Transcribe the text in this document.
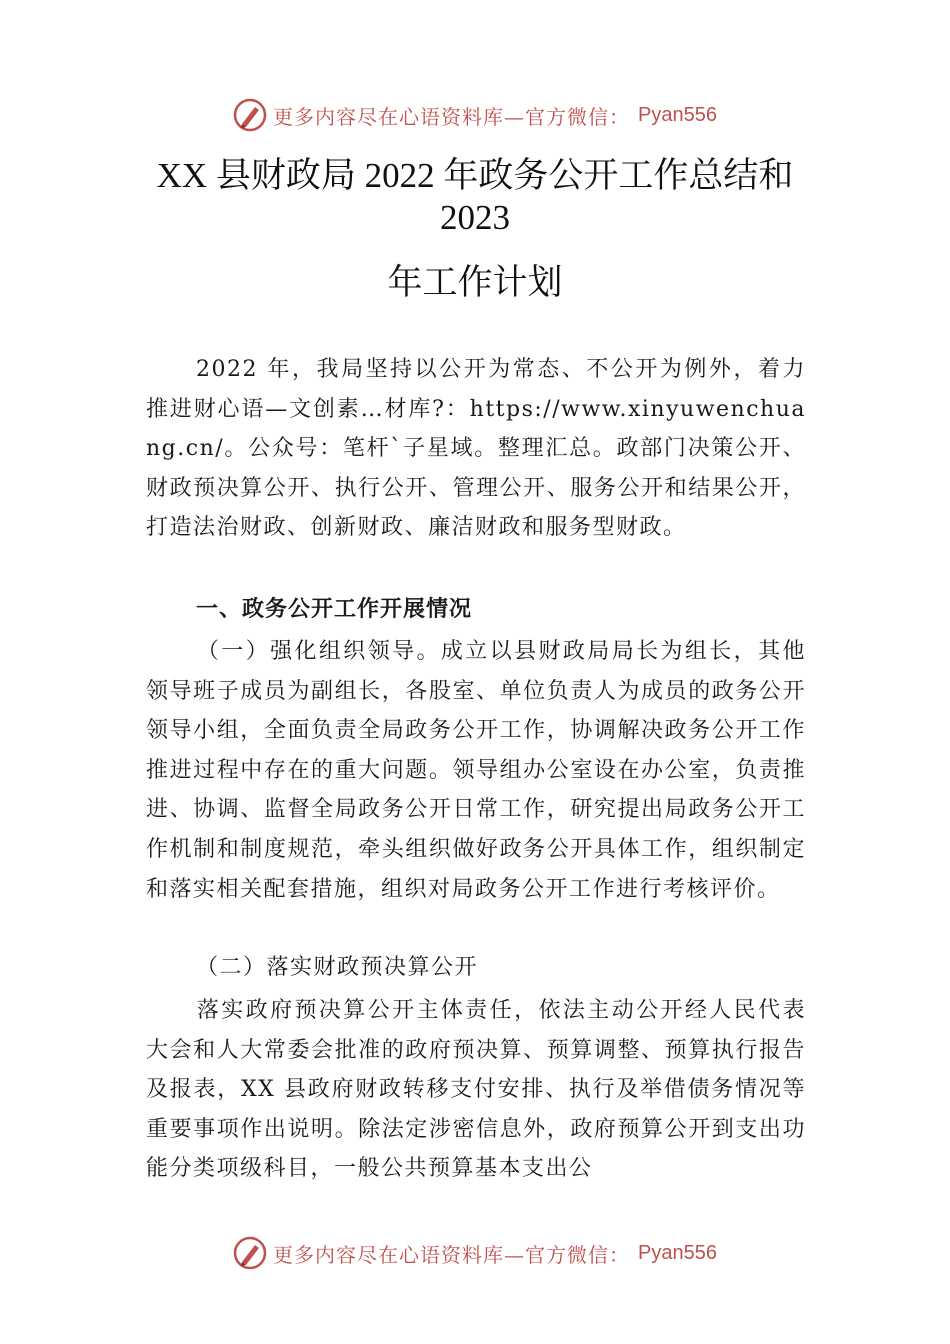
更多内容尽在心语资料库—官方微信： Pyan556
XX 县财政局 2022 年政务公开工作总结和
2023
年工作计划
2022 年，我局坚持以公开为常态、不公开为例外，着力推进财心语—文创素…材库?：https://www.xinyuwenchuang.cn/。公众号：笔杆`子星域。整理汇总。政部门决策公开、财政预决算公开、执行公开、管理公开、服务公开和结果公开，打造法治财政、创新财政、廉洁财政和服务型财政。
一、政务公开工作开展情况
（一）强化组织领导。成立以县财政局局长为组长，其他领导班子成员为副组长，各股室、单位负责人为成员的政务公开领导小组，全面负责全局政务公开工作，协调解决政务公开工作推进过程中存在的重大问题。领导组办公室设在办公室，负责推进、协调、监督全局政务公开日常工作，研究提出局政务公开工作机制和制度规范，牵头组织做好政务公开具体工作，组织制定和落实相关配套措施，组织对局政务公开工作进行考核评价。
（二）落实财政预决算公开
落实政府预决算公开主体责任，依法主动公开经人民代表大会和人大常委会批准的政府预决算、预算调整、预算执行报告及报表，XX 县政府财政转移支付安排、执行及举借债务情况等重要事项作出说明。除法定涉密信息外，政府预算公开到支出功能分类项级科目，一般公共预算基本支出公
更多内容尽在心语资料库—官方微信： Pyan556
